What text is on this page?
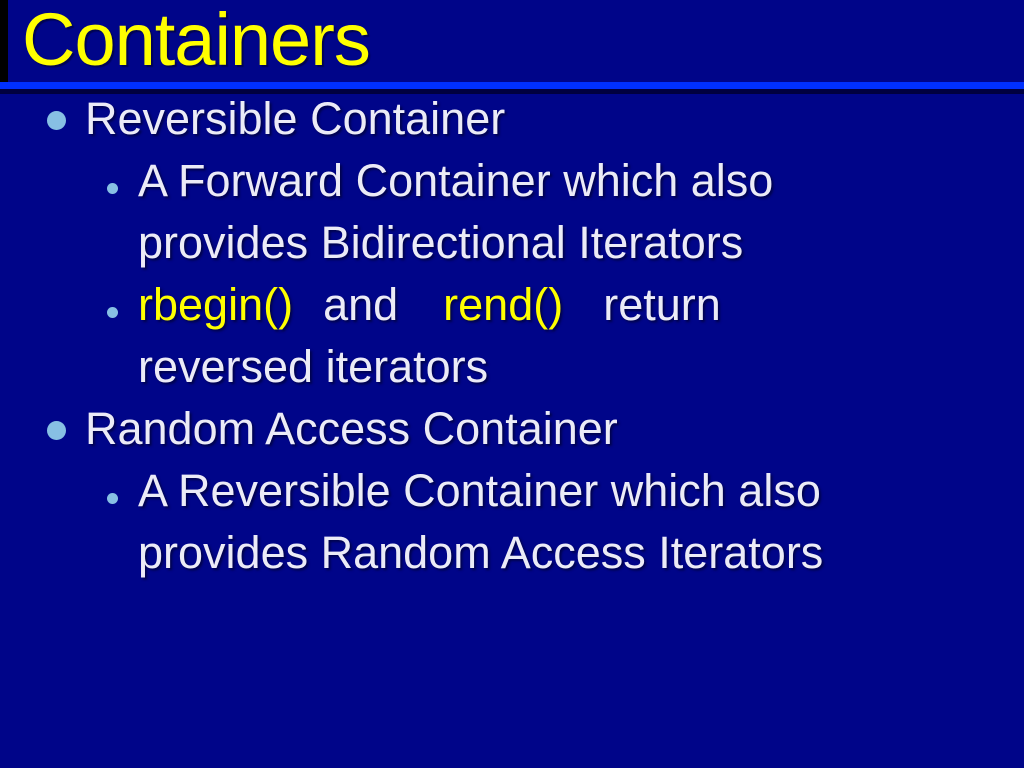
Containers
Reversible Container
A Forward Container which also
provides Bidirectional Iterators
rbegin() and rend() return
reversed iterators
Random Access Container
A Reversible Container which also
provides Random Access Iterators
